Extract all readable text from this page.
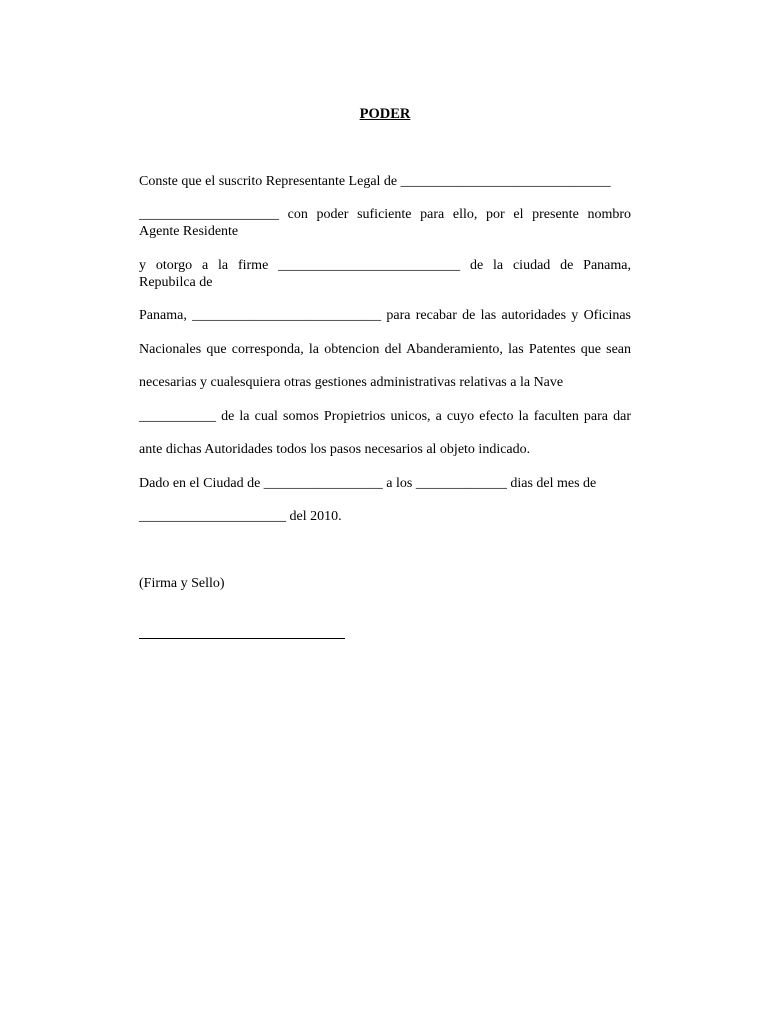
PODER
Conste que el suscrito Representante Legal de ______________________________
____________________ con poder suficiente para ello, por el presente nombro
Agente Residente
y otorgo a la firme __________________________ de la ciudad de Panama,
Repubilca de
Panama, ___________________________ para recabar de las autoridades y Oficinas
Nacionales que corresponda, la obtencion del Abanderamiento, las Patentes que sean
necesarias y cualesquiera otras gestiones administrativas relativas a la Nave
___________ de la cual somos Propietrios unicos, a cuyo efecto la faculten para dar
ante dichas Autoridades todos los pasos necesarios al objeto indicado.
Dado en el Ciudad de _________________ a los _____________ dias del mes de
_____________________ del 2010.
(Firma y Sello)
